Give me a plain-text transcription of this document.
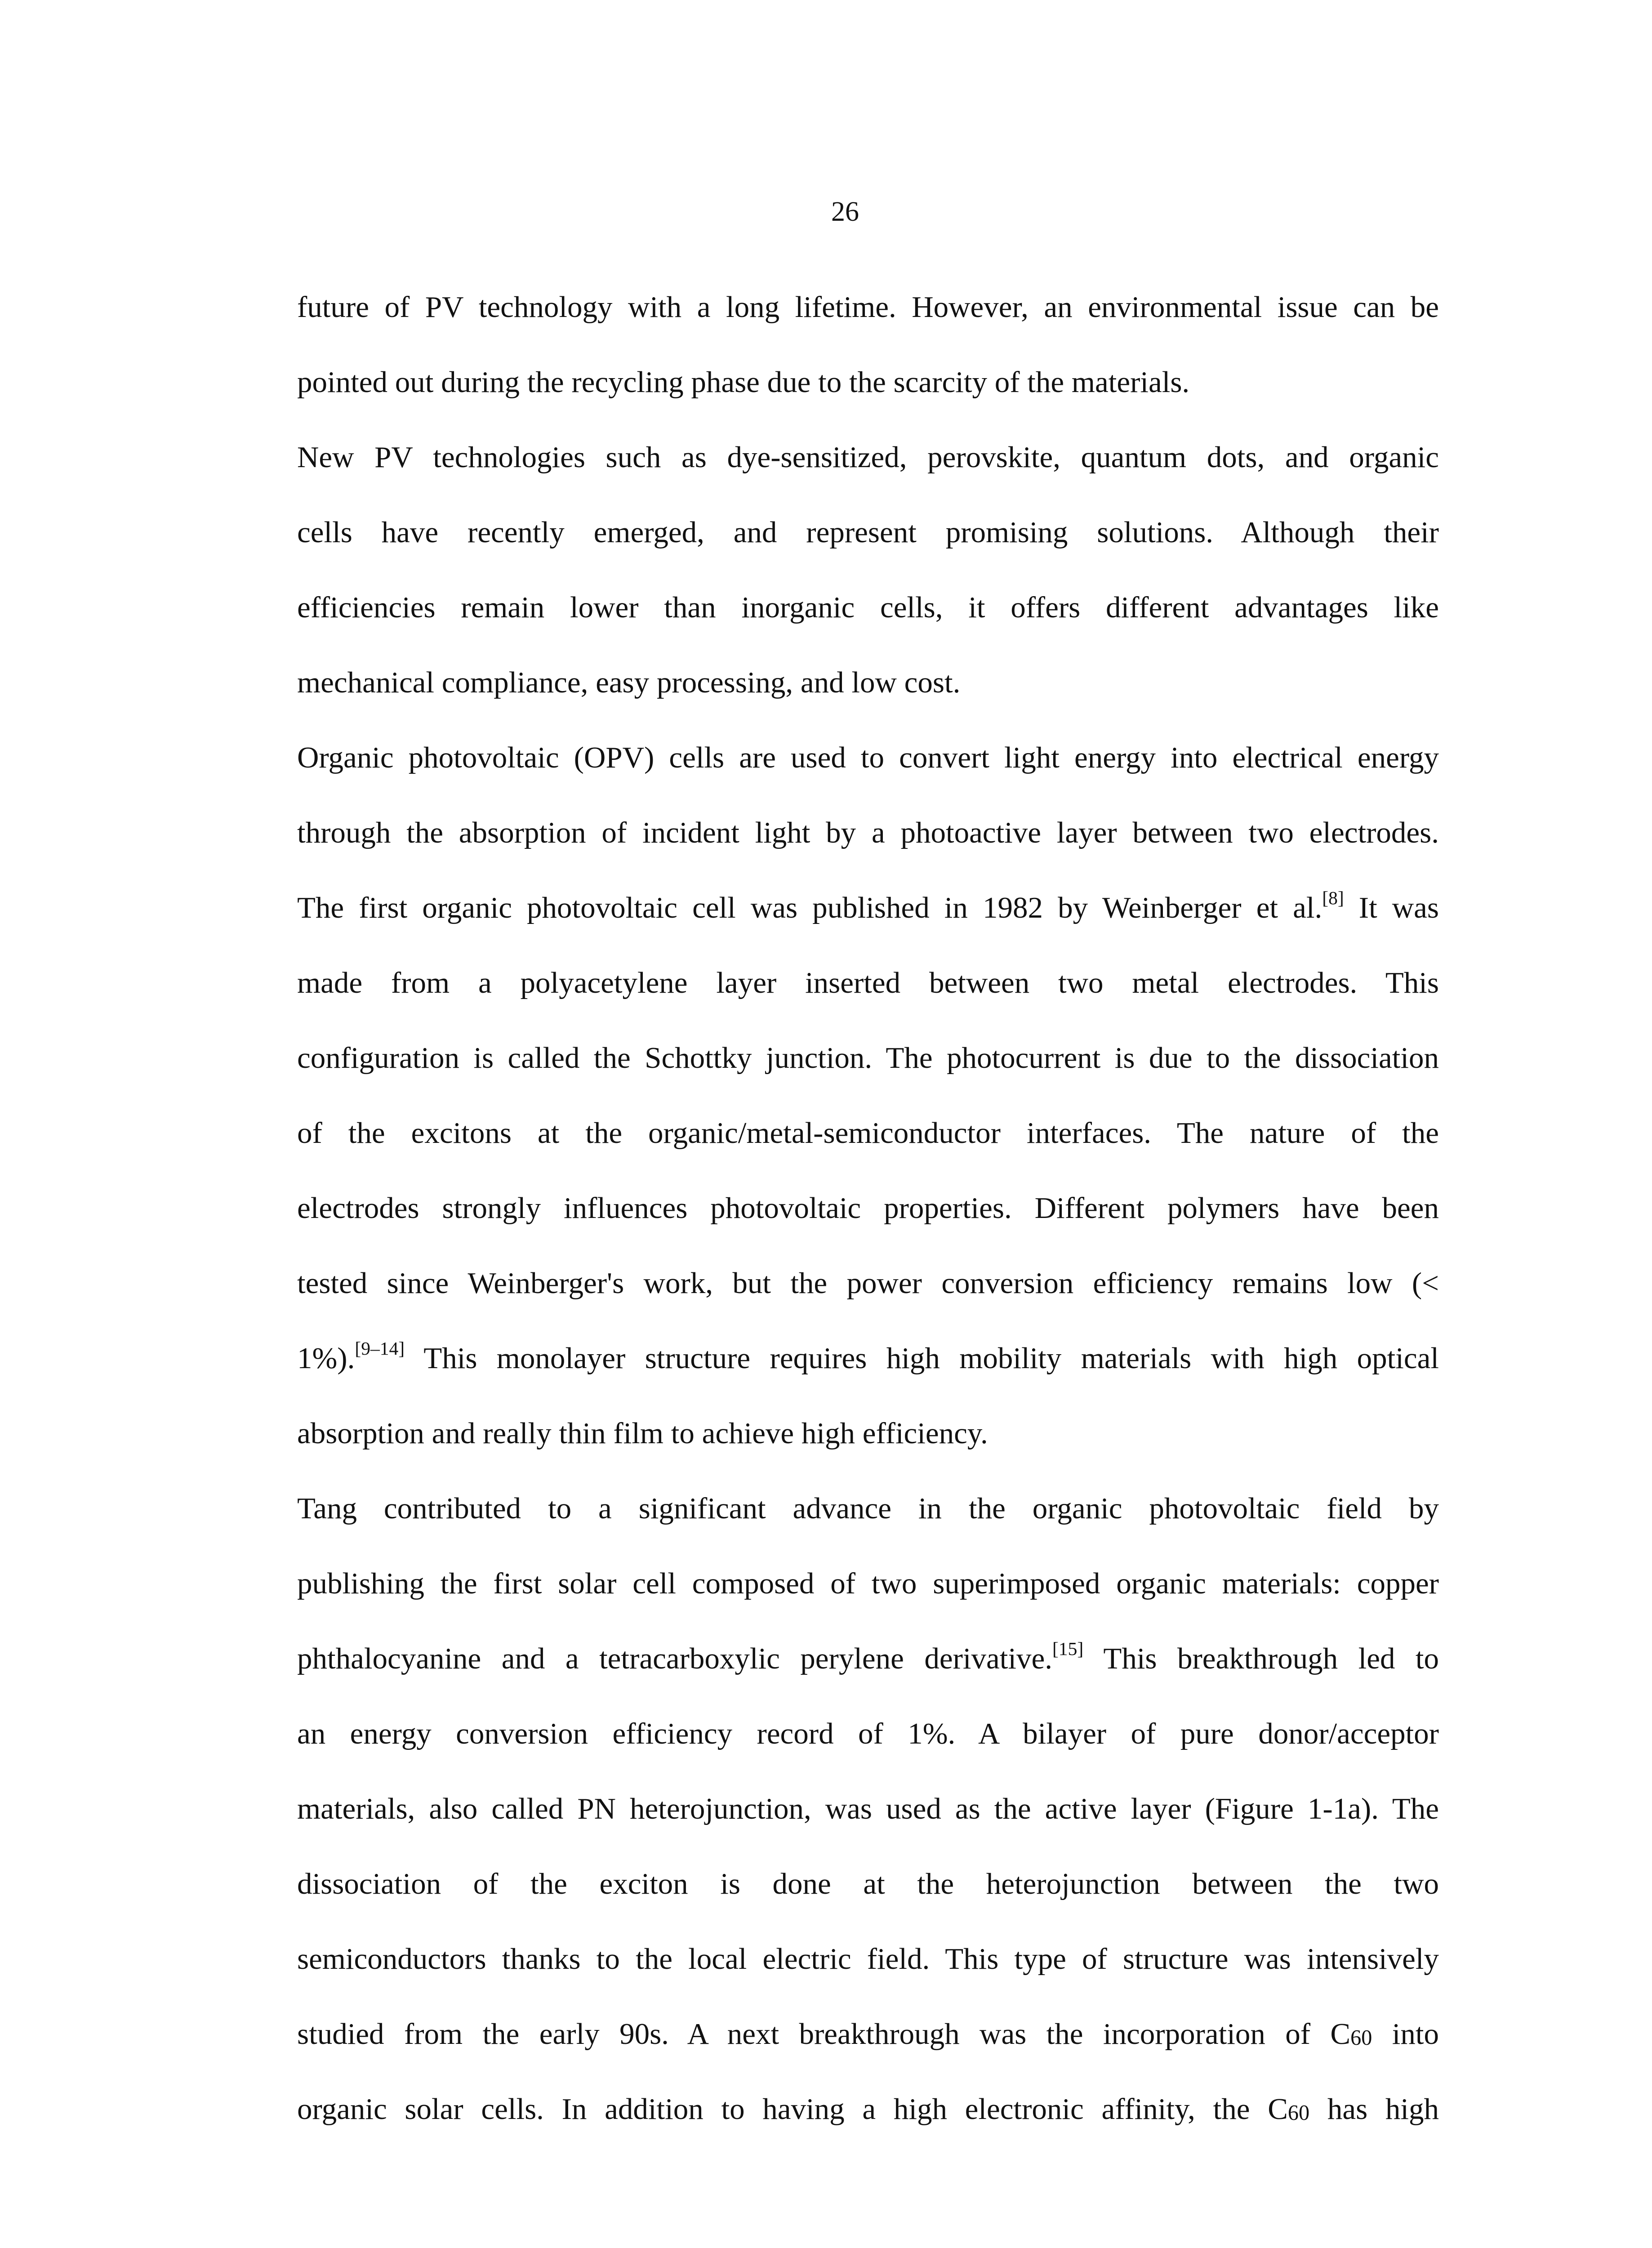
26
future of PV technology with a long lifetime. However, an environmental issue can be
pointed out during the recycling phase due to the scarcity of the materials.
New PV technologies such as dye-sensitized, perovskite, quantum dots, and organic
cells have recently emerged, and represent promising solutions. Although their
efficiencies remain lower than inorganic cells, it offers different advantages like
mechanical compliance, easy processing, and low cost.
Organic photovoltaic (OPV) cells are used to convert light energy into electrical energy
through the absorption of incident light by a photoactive layer between two electrodes.
The first organic photovoltaic cell was published in 1982 by Weinberger et al.[8] It was
made from a polyacetylene layer inserted between two metal electrodes. This
configuration is called the Schottky junction. The photocurrent is due to the dissociation
of the excitons at the organic/metal-semiconductor interfaces. The nature of the
electrodes strongly influences photovoltaic properties. Different polymers have been
tested since Weinberger's work, but the power conversion efficiency remains low (<
1%).[9–14] This monolayer structure requires high mobility materials with high optical
absorption and really thin film to achieve high efficiency.
Tang contributed to a significant advance in the organic photovoltaic field by
publishing the first solar cell composed of two superimposed organic materials: copper
phthalocyanine and a tetracarboxylic perylene derivative.[15] This breakthrough led to
an energy conversion efficiency record of 1%. A bilayer of pure donor/acceptor
materials, also called PN heterojunction, was used as the active layer (Figure 1-1a). The
dissociation of the exciton is done at the heterojunction between the two
semiconductors thanks to the local electric field. This type of structure was intensively
studied from the early 90s. A next breakthrough was the incorporation of $C_{60}$ into
organic solar cells. In addition to having a high electronic affinity, the $C_{60}$ has high
